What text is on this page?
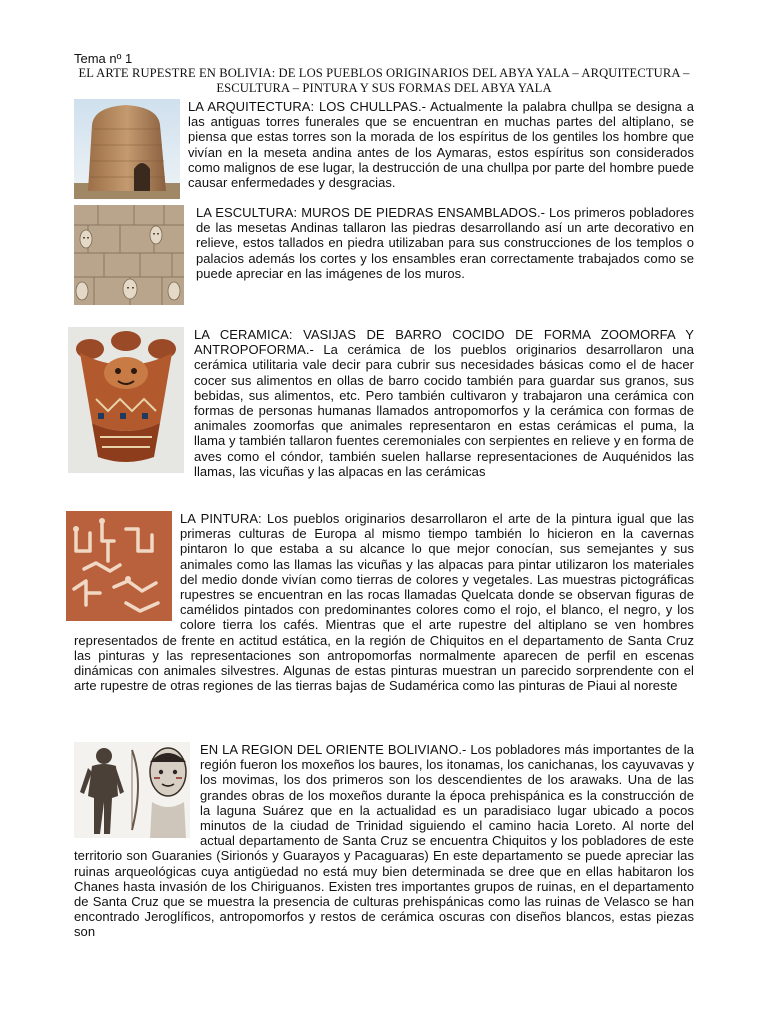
Tema nº 1
EL ARTE RUPESTRE EN BOLIVIA: DE LOS PUEBLOS ORIGINARIOS DEL ABYA YALA – ARQUITECTURA – ESCULTURA – PINTURA Y SUS FORMAS DEL ABYA YALA

LA ARQUITECTURA: LOS CHULLPAS.- Actualmente la palabra chullpa se designa a las antiguas torres funerales que se encuentran en muchas partes del altiplano, se piensa que estas torres son la morada de los espíritus de los gentiles los hombre que vivían en la meseta andina antes de los Aymaras, estos espíritus son considerados como malignos de ese lugar, la destrucción de una chullpa por parte del hombre puede causar enfermedades y desgracias.

LA ESCULTURA: MUROS DE PIEDRAS ENSAMBLADOS.- Los primeros pobladores de las mesetas Andinas tallaron las piedras desarrollando así un arte decorativo en relieve, estos tallados en piedra utilizaban para sus construcciones de los templos o palacios además los cortes y los ensambles eran correctamente trabajados como se puede apreciar en las imágenes de los muros.

LA CERAMICA: VASIJAS DE BARRO COCIDO DE FORMA ZOOMORFA Y ANTROPOFORMA.- La cerámica de los pueblos originarios desarrollaron una cerámica utilitaria vale decir para cubrir sus necesidades básicas como el de hacer cocer sus alimentos en ollas de barro cocido también para guardar sus granos, sus bebidas, sus alimentos, etc. Pero también cultivaron y trabajaron una cerámica con formas de personas humanas llamados antropomorfos y la cerámica con formas de animales zoomorfas que animales representaron en estas cerámicas el puma, la llama y también tallaron fuentes ceremoniales con serpientes en relieve y en forma de aves como el cóndor, también suelen hallarse representaciones de Auquénidos las llamas, las vicuñas y las alpacas en las cerámicas

LA PINTURA: Los pueblos originarios desarrollaron el arte de la pintura igual que las primeras culturas de Europa al mismo tiempo también lo hicieron en la cavernas pintaron lo que estaba a su alcance lo que mejor conocían, sus semejantes y sus animales como las llamas las vicuñas y las alpacas para pintar utilizaron los materiales del medio donde vivían como tierras de colores y vegetales. Las muestras pictográficas rupestres se encuentran en las rocas llamadas Quelcata donde se observan figuras de camélidos pintados con predominantes colores como el rojo, el blanco, el negro, y los colore tierra los cafés. Mientras que el arte rupestre del altiplano se ven hombres representados de frente en actitud estática, en la región de Chiquitos en el departamento de Santa Cruz las pinturas y las representaciones son antropomorfas normalmente aparecen de perfil en escenas dinámicas con animales silvestres. Algunas de estas pinturas muestran un parecido sorprendente con el arte rupestre de otras regiones de las tierras bajas de Sudamérica como las pinturas de Piaui al noreste

EN LA REGION DEL ORIENTE BOLIVIANO.- Los pobladores más importantes de la región fueron los moxeños los baures, los itonamas, los canichanas, los cayuvavas y los movimas, los dos primeros son los descendientes de los arawaks. Una de las grandes obras de los moxeños durante la época prehispánica es la construcción de la laguna Suárez que en la actualidad es un paradisiaco lugar ubicado a pocos minutos de la ciudad de Trinidad siguiendo el camino hacia Loreto. Al norte del actual departamento de Santa Cruz se encuentra Chiquitos y los pobladores de este territorio son Guaranies (Sirionós y Guarayos y Pacaguaras) En este departamento se puede apreciar las ruinas arqueológicas cuya antigüedad no está muy bien determinada se dree que en ellas habitaron los Chanes hasta invasión de los Chiriguanos. Existen tres importantes grupos de ruinas, en el departamento de Santa Cruz que se muestra la presencia de culturas prehispánicas como las ruinas de Velasco se han encontrado Jeroglíficos, antropomorfos y restos de cerámica oscuras con diseños blancos, estas piezas son
